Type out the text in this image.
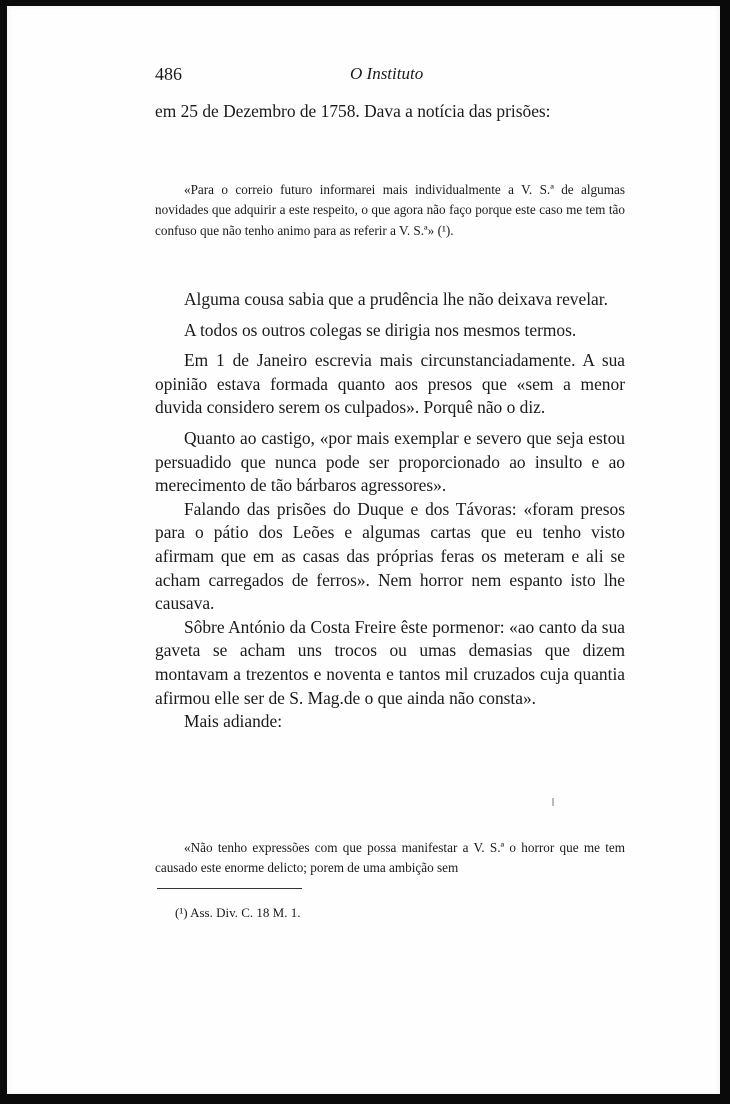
486	O Instituto

em 25 de Dezembro de 1758. Dava a notícia das prisões:

«Para o correio futuro informarei mais individualmente a V. S.ª de algumas novidades que adquirir a este respeito, o que agora não faço porque este caso me tem tão confuso que não tenho animo para as referir a V. S.ª» (¹).

Alguma cousa sabia que a prudência lhe não deixava revelar.

A todos os outros colegas se dirigia nos mesmos termos.

Em 1 de Janeiro escrevia mais circunstanciadamente. A sua opinião estava formada quanto aos presos que «sem a menor duvida considero serem os culpados». Porquê não o diz.

Quanto ao castigo, «por mais exemplar e severo que seja estou persuadido que nunca pode ser proporcionado ao insulto e ao merecimento de tão bárbaros agressores».

Falando das prisões do Duque e dos Távoras: «foram presos para o pátio dos Leões e algumas cartas que eu tenho visto afirmam que em as casas das próprias feras os meteram e ali se acham carregados de ferros». Nem horror nem espanto isto lhe causava.

Sôbre António da Costa Freire êste pormenor: «ao canto da sua gaveta se acham uns trocos ou umas demasias que dizem montavam a trezentos e noventa e tantos mil cruzados cuja quantia afirmou elle ser de S. Mag.de o que ainda não consta».

Mais adiande:

«Não tenho expressões com que possa manifestar a V. S.ª o horror que me tem causado este enorme delicto; porem de uma ambição sem

(¹) Ass. Div. C. 18 M. 1.
